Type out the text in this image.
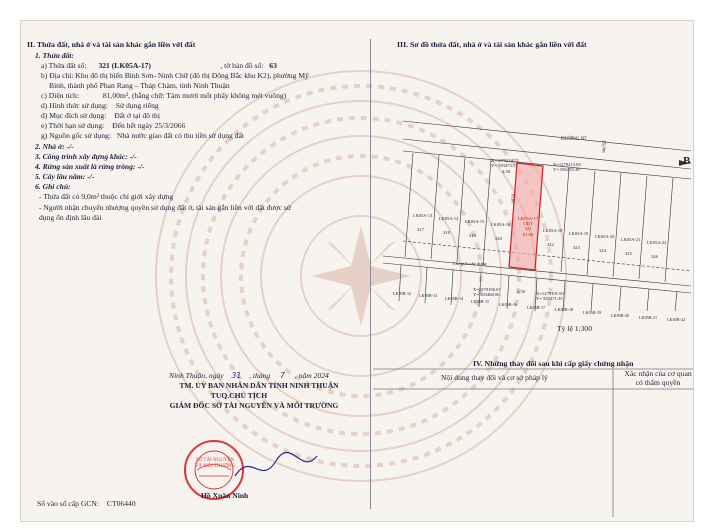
II. Thửa đất, nhà ở và tài sản khác gắn liền với đất
1. Thửa đất:
a) Thửa đất số: 321 (LK05A-17)	, tờ bản đồ số: 63
b) Địa chỉ: Khu đô thị biển Bình Sơn- Ninh Chữ (đô thị Đông Bắc khu K2), phường Mỹ
Bình, thành phố Phan Rang – Tháp Chàm, tỉnh Ninh Thuận
c) Diện tích:	81,00m², (bằng chữ: Tám mươi mốt phẩy không mét vuông)
d) Hình thức sử dụng: Sử dụng riêng
đ) Mục đích sử dụng: Đất ở tại đô thị
e) Thời hạn sử dụng: Đến hết ngày 25/3/2066
g) Nguồn gốc sử dụng: Nhà nước giao đất có thu tiền sử dụng đất
2. Nhà ở: -/-
3. Công trình xây dựng khác: -/-
4. Rừng sản xuất là rừng trồng: -/-
5. Cây lâu năm: -/-
6. Ghi chú:
- Thửa đất có 9,0m² thuộc chỉ giới xây dựng
- Người nhận chuyển nhượng quyền sử dụng đất ở, tài sản gắn liền với đất được sử
dụng ổn định lâu dài
Ninh Thuận, ngày 31 , tháng 7 , năm 2024
TM. ỦY BAN NHÂN DÂN TỈNH NINH THUẬN
TUQ.CHỦ TỊCH
GIÁM ĐỐC SỞ TÀI NGUYÊN VÀ MÔI TRƯỜNG
SỞ TÀI NGUYÊN VÀ MÔI TRƯỜNG
Hồ Xuân Ninh
Số vào sổ cấp GCN: CT06440
III. Sơ đồ thửa đất, nhà ở và tài sản khác gắn liền với đất
B
ĐƯỜNG N7
15,0m
X=1279214.72
Y= 583473.37	X=1279215.84
Y= 583455.49
4,50
18,00
LK05A-17
ODT
321
81,00
Chỉ giới xây dựng
LK05A-13
317
LK05A-14
318
LK05A-15
319
LK05A-16
320
LK05A-18
322
LK05A-19
323
LK05A-20
324
LK05A-21
325
LK05A-22
326
X=1279196.67
Y= 583468.06	X=1279191.93
Y= 583471.35
4,50
LK05B-12 LK05B-13
LK05B-14
LK05B-15
LK05B-16
LK05B-17 LK05B-18
LK05B-19
LK05B-20 LK05B-21 LK05B-22
Tỷ lệ 1:300
IV. Những thay đổi sau khi cấp giấy chứng nhận
Nội dung thay đổi và cơ sở pháp lý	Xác nhận của cơ quan
có thẩm quyền
